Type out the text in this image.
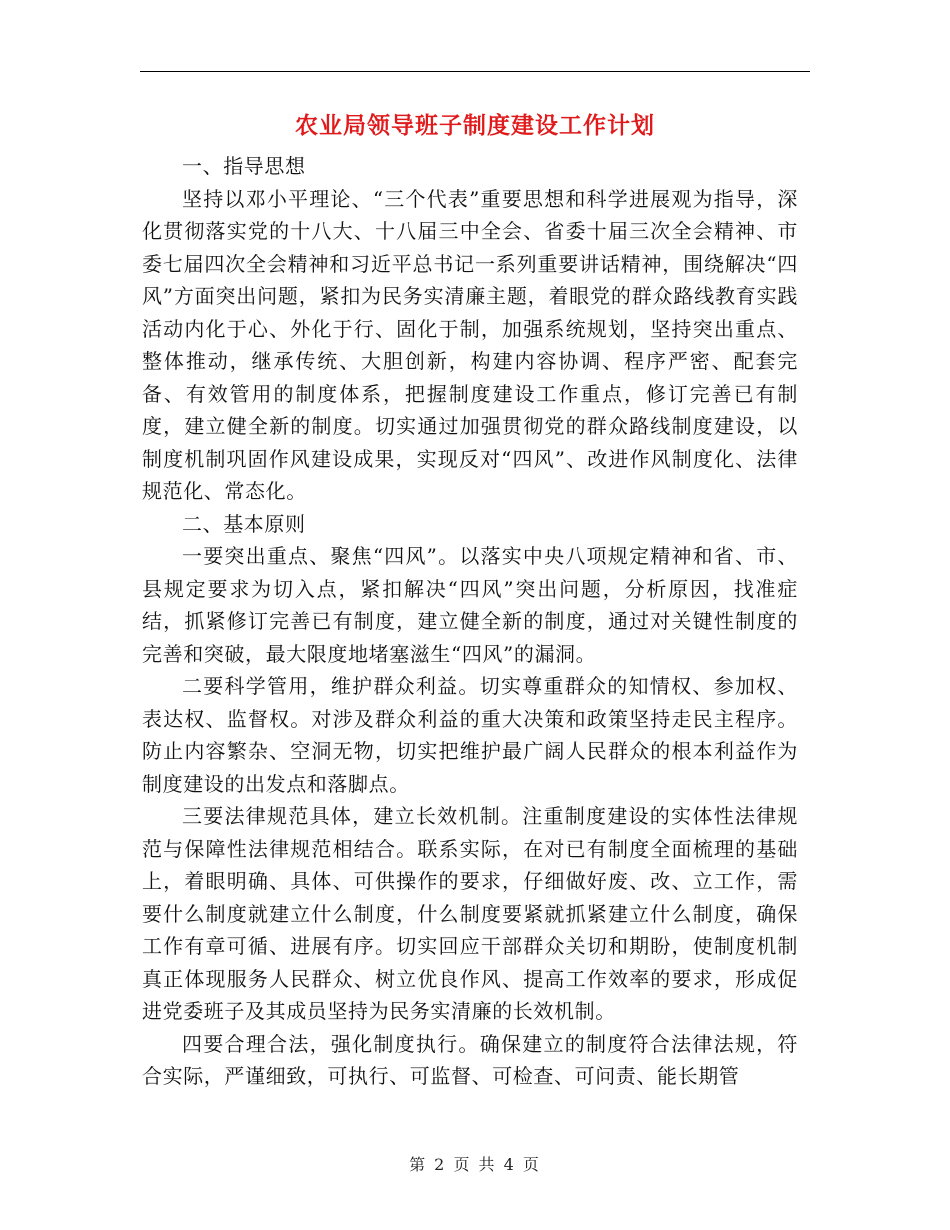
农业局领导班子制度建设工作计划

一、指导思想

坚持以邓小平理论、“三个代表”重要思想和科学进展观为指导，深化贯彻落实党的十八大、十八届三中全会、省委十届三次全会精神、市委七届四次全会精神和习近平总书记一系列重要讲话精神，围绕解决“四风”方面突出问题，紧扣为民务实清廉主题，着眼党的群众路线教育实践活动内化于心、外化于行、固化于制，加强系统规划，坚持突出重点、整体推动，继承传统、大胆创新，构建内容协调、程序严密、配套完备、有效管用的制度体系，把握制度建设工作重点，修订完善已有制度，建立健全新的制度。切实通过加强贯彻党的群众路线制度建设，以制度机制巩固作风建设成果，实现反对“四风”、改进作风制度化、法律规范化、常态化。

二、基本原则

一要突出重点、聚焦“四风”。以落实中央八项规定精神和省、市、县规定要求为切入点，紧扣解决“四风”突出问题，分析原因，找准症结，抓紧修订完善已有制度，建立健全新的制度，通过对关键性制度的完善和突破，最大限度地堵塞滋生“四风”的漏洞。

二要科学管用，维护群众利益。切实尊重群众的知情权、参加权、表达权、监督权。对涉及群众利益的重大决策和政策坚持走民主程序。防止内容繁杂、空洞无物，切实把维护最广阔人民群众的根本利益作为制度建设的出发点和落脚点。

三要法律规范具体，建立长效机制。注重制度建设的实体性法律规范与保障性法律规范相结合。联系实际，在对已有制度全面梳理的基础上，着眼明确、具体、可供操作的要求，仔细做好废、改、立工作，需要什么制度就建立什么制度，什么制度要紧就抓紧建立什么制度，确保工作有章可循、进展有序。切实回应干部群众关切和期盼，使制度机制真正体现服务人民群众、树立优良作风、提高工作效率的要求，形成促进党委班子及其成员坚持为民务实清廉的长效机制。

四要合理合法，强化制度执行。确保建立的制度符合法律法规，符合实际，严谨细致，可执行、可监督、可检查、可问责、能长期管

第 2 页 共 4 页
